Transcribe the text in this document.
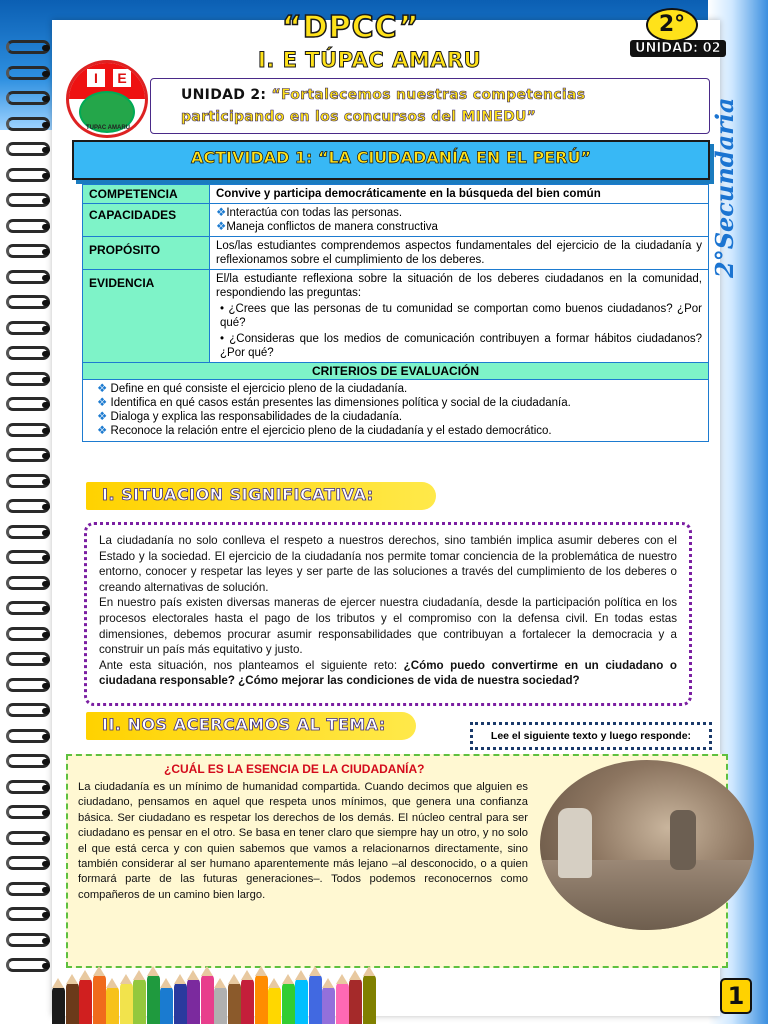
“DPCC”
I. E TÚPAC AMARU
2°
UNIDAD: 02
I	E
TUPAC AMARU
UNIDAD 2: “Fortalecemos nuestras competencias
participando en los concursos del MINEDU”
ACTIVIDAD 1: “LA CIUDADANÍA EN EL PERÚ”	2°Secundaria
COMPETENCIA	Convive y participa democráticamente en la búsqueda del bien común
CAPACIDADES	❖Interactúa con todas las personas.
❖Maneja conflictos de manera constructiva

PROPÓSITO	Los/las estudiantes comprendemos aspectos fundamentales del ejercicio de la ciudadanía y reflexionamos sobre el cumplimiento de los deberes.
EVIDENCIA	El/la estudiante reflexiona sobre la situación de los deberes ciudadanos en la comunidad, respondiendo las preguntas:
• ¿Crees que las personas de tu comunidad se comportan como buenos ciudadanos? ¿Por qué?
• ¿Consideras que los medios de comunicación contribuyen a formar hábitos ciudadanos? ¿Por qué?

CRITERIOS DE EVALUACIÓN	

❖ Define en qué consiste el ejercicio pleno de la ciudadanía.
❖ Identifica en qué casos están presentes las dimensiones política y social de la ciudadanía.
❖ Dialoga y explica las responsabilidades de la ciudadanía.
❖ Reconoce la relación entre el ejercicio pleno de la ciudadanía y el estado democrático.	
I. SITUACION SIGNIFICATIVA:
La ciudadanía no solo conlleva el respeto a nuestros derechos, sino también implica asumir deberes con el Estado y la sociedad. El ejercicio de la ciudadanía nos permite tomar conciencia de la problemática de nuestro entorno, conocer y respetar las leyes y ser parte de las soluciones a través del cumplimiento de los deberes o creando alternativas de solución.
En nuestro país existen diversas maneras de ejercer nuestra ciudadanía, desde la participación política en los procesos electorales hasta el pago de los tributos y el compromiso con la defensa civil. En todas estas dimensiones, debemos procurar asumir responsabilidades que contribuyan a fortalecer la democracia y a construir un país más equitativo y justo.
Ante esta situación, nos planteamos el siguiente reto: ¿Cómo puedo convertirme en un ciudadano o ciudadana responsable? ¿Cómo mejorar las condiciones de vida de nuestra sociedad?
II. NOS ACERCAMOS AL TEMA:
Lee el siguiente texto y luego responde:
¿CUÁL ES LA ESENCIA DE LA CIUDADANÍA?
La ciudadanía es un mínimo de humanidad compartida. Cuando decimos que alguien es ciudadano, pensamos en aquel que respeta unos mínimos, que genera una confianza básica. Ser ciudadano es respetar los derechos de los demás. El núcleo central para ser ciudadano es pensar en el otro. Se basa en tener claro que siempre hay un otro, y no solo el que está cerca y con quien sabemos que vamos a relacionarnos directamente, sino también considerar al ser humano aparentemente más lejano –al desconocido, o a quien formará parte de las futuras generaciones–. Todos podemos reconocernos como compañeros de un camino bien largo.
1
